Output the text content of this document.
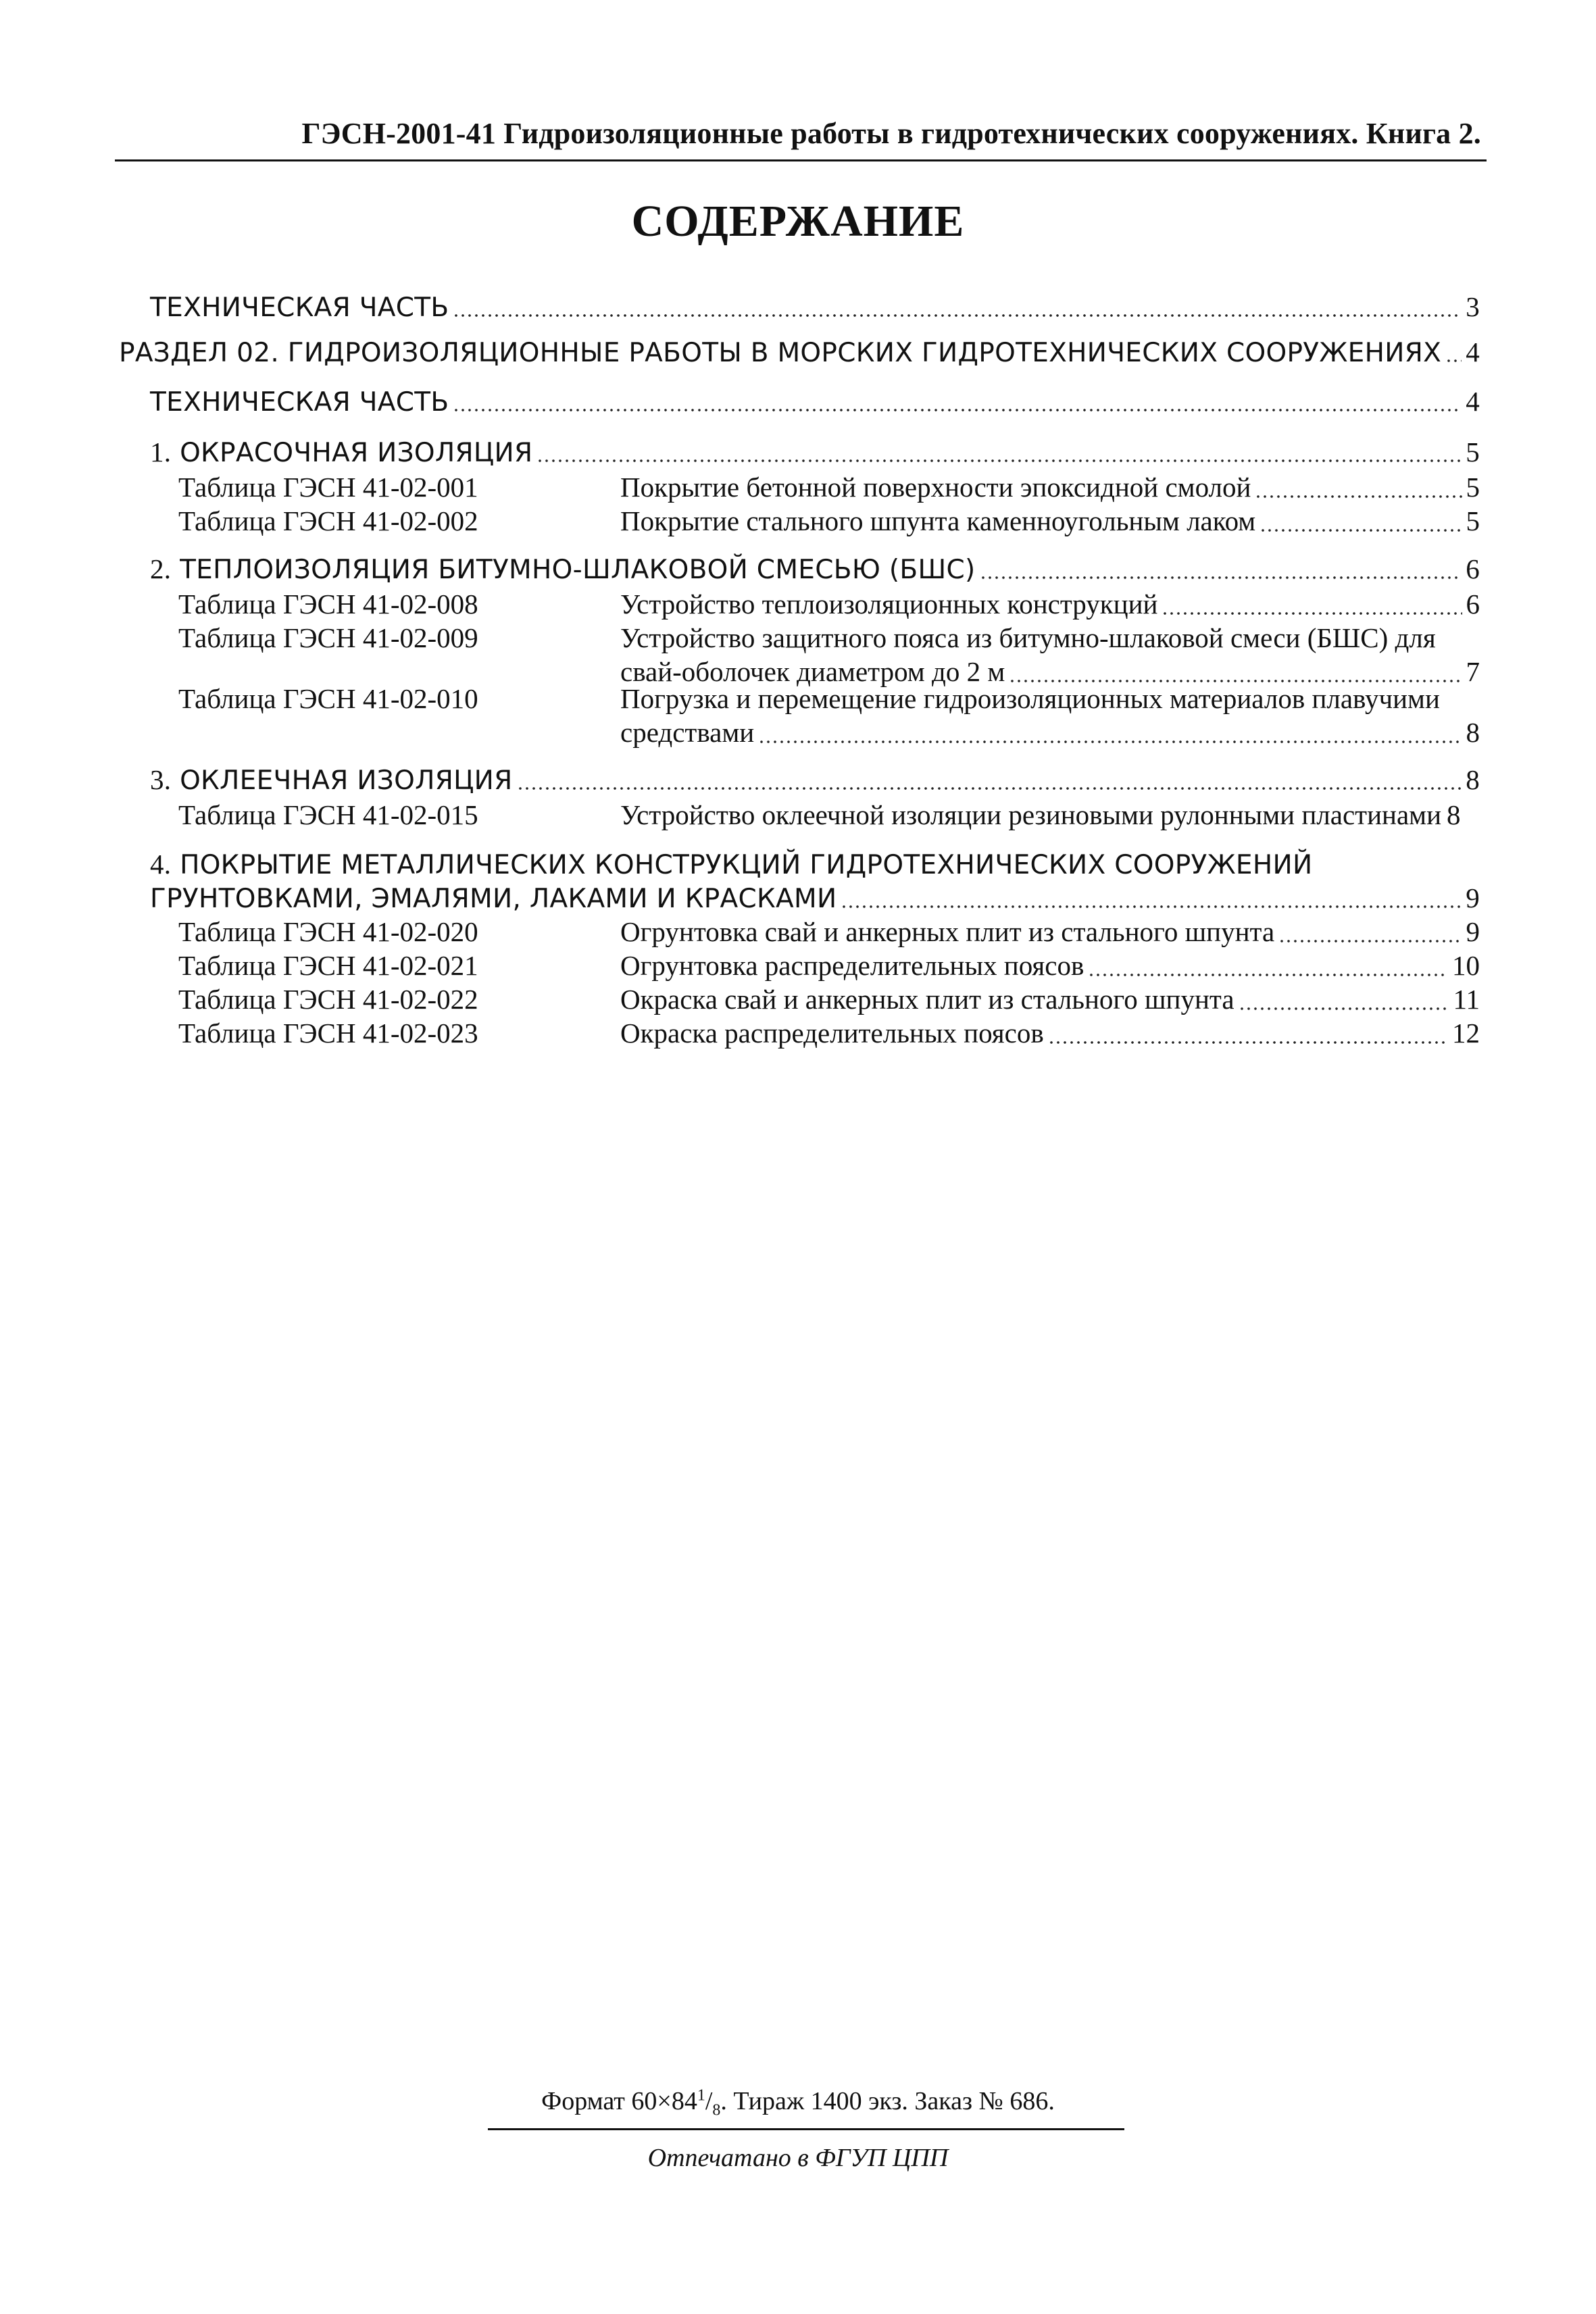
ГЭСН-2001-41 Гидроизоляционные работы в гидротехнических сооружениях. Книга 2.
СОДЕРЖАНИЕ
ТЕХНИЧЕСКАЯ ЧАСТЬ	3
РАЗДЕЛ 02. ГИДРОИЗОЛЯЦИОННЫЕ РАБОТЫ В МОРСКИХ ГИДРОТЕХНИЧЕСКИХ СООРУЖЕНИЯХ 4
ТЕХНИЧЕСКАЯ ЧАСТЬ	4
1.
ОКРАСОЧНАЯ ИЗОЛЯЦИЯ	5
Таблица ГЭСН 41-02-001	Покрытие бетонной поверхности эпоксидной смолой	5
Таблица ГЭСН 41-02-002	Покрытие стального шпунта каменноугольным лаком	5
2.
ТЕПЛОИЗОЛЯЦИЯ БИТУМНО-ШЛАКОВОЙ СМЕСЬЮ (БШС)	6
Таблица ГЭСН 41-02-008	Устройство теплоизоляционных конструкций	6
Таблица ГЭСН 41-02-009	Устройство защитного пояса из битумно-шлаковой смеси (БШС) для
свай-оболочек диаметром до 2 м	7
Таблица ГЭСН 41-02-010	Погрузка и перемещение гидроизоляционных материалов плавучими
средствами	8
3.
ОКЛЕЕЧНАЯ ИЗОЛЯЦИЯ	8
Таблица ГЭСН 41-02-015	Устройство оклеечной изоляции резиновыми рулонными пластинами 8
4.
ПОКРЫТИЕ МЕТАЛЛИЧЕСКИХ КОНСТРУКЦИЙ ГИДРОТЕХНИЧЕСКИХ СООРУЖЕНИЙ
ГРУНТОВКАМИ, ЭМАЛЯМИ, ЛАКАМИ И КРАСКАМИ	9
Таблица ГЭСН 41-02-020	Огрунтовка свай и анкерных плит из стального шпунта	9
Таблица ГЭСН 41-02-021	Огрунтовка распределительных поясов	10
Таблица ГЭСН 41-02-022	Окраска свай и анкерных плит из стального шпунта	11
Таблица ГЭСН 41-02-023	Окраска распределительных поясов	12
Формат $60\times 84^1/_8$. Тираж 1400 экз. Заказ № 686.
Отпечатано в ФГУП ЦПП
